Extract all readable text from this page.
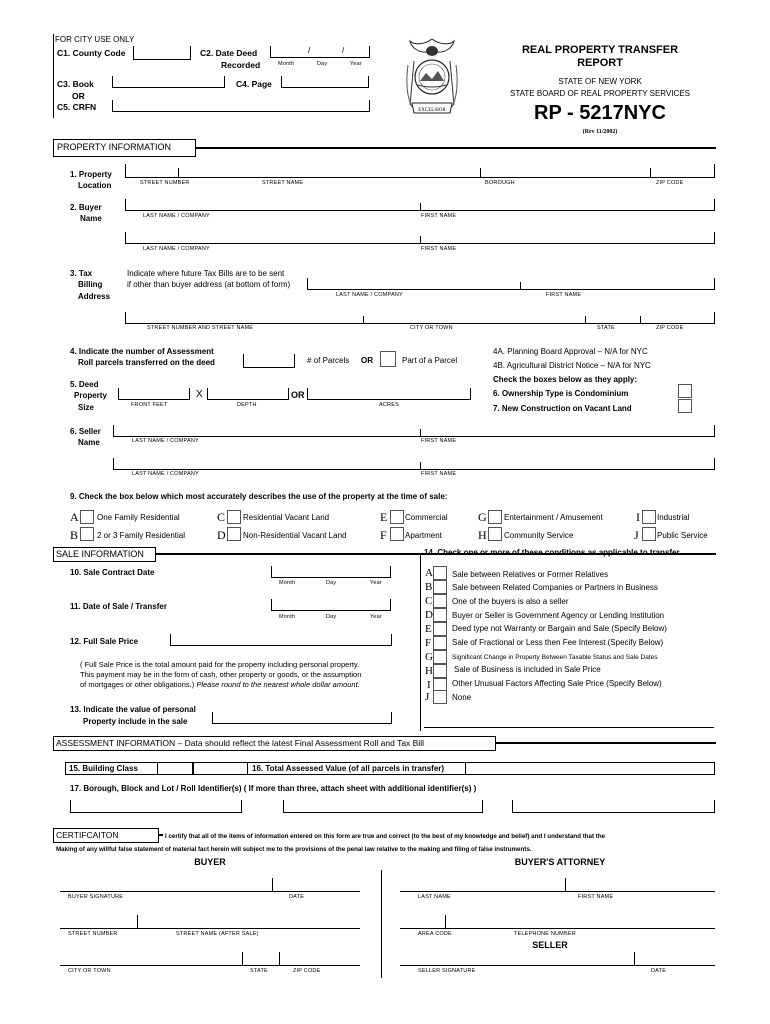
FOR CITY USE ONLY
C1. County Code	C2. Date Deed
Recorded
/	/
Month	Day	Year
C3. Book
OR
C4. Page
C5. CRFN	EXCELSIOR
REAL PROPERTY TRANSFER
REPORT
STATE OF NEW YORK
STATE BOARD OF REAL PROPERTY SERVICES
RP - 5217NYC
(Rev 11/2002)
PROPERTY INFORMATION
1. Property
Location	STREET NUMBER	STREET NAME	BOROUGH	ZIP CODE
2. Buyer
Name	LAST NAME / COMPANY	FIRST NAME
LAST NAME / COMPANY	FIRST NAME
3. Tax
Billing
Address
Indicate where future Tax Bills are to be sent
if other than buyer address (at bottom of form)
LAST NAME / COMPANY	FIRST NAME
STREET NUMBER AND STREET NAME	CITY OR TOWN	STATE	ZIP CODE
4. Indicate the number of Assessment
Roll parcels transferred on the deed	# of Parcels OR	Part of a Parcel
4A. Planning Board Approval – N/A for NYC
4B. Agricultural District Notice – N/A for NYC
Check the boxes below as they apply:
6. Ownership Type is Condominium
7. New Construction on Vacant Land
5. Deed
Property
Size
X	OR
FRONT FEET	DEPTH	ACRES
6. Seller
Name	LAST NAME / COMPANY	FIRST NAME
LAST NAME / COMPANY	FIRST NAME
9. Check the box below which most accurately describes the use of the property at the time of sale:
A One Family Residential
B 2 or 3 Family Residential
C Residential Vacant Land
D Non-Residential Vacant Land
E Commercial
F Apartment
G Entertainment / Amusement
H Community Service
I Industrial
J Public Service
SALE INFORMATION	14. Check one or more of these conditions as applicable to transfer
10. Sale Contract Date
Month	Day	Year
11. Date of Sale / Transfer
Month	Day	Year
12. Full Sale Price
( Full Sale Price is the total amount paid for the property including personal property.
This payment may be in the form of cash, other property or goods, or the assumption
of mortgages or other obligations.) Please round to the nearest whole dollar amount.
13. Indicate the value of personal
Property include in the sale
A Sale between Relatives or Former Relatives
B Sale between Related Companies or Partners in Business
C One of the buyers is also a seller
D Buyer or Seller is Government Agency or Lending Institution
E	Deed type not Warranty or Bargain and Sale (Specify Below)
F	Sale of Fractional or Less then Fee Interest (Specify Below)
G	Significant Change in Property Between Taxable Status and Sale Dates
H	Sale of Business is included in Sale Price
I	Other Unusual Factors Affecting Sale Price (Specify Below)
J	None
ASSESSMENT INFORMATION – Data should reflect the latest Final Assessment Roll and Tax Bill
15. Building Class	16. Total Assessed Value (of all parcels in transfer)
17. Borough, Block and Lot / Roll Identifier(s) ( If more than three, attach sheet with additional identifier(s) )
CERTIFCAITON	I certify that all of the items of information entered on this form are true and correct (to the best of my knowledge and belief) and I understand that the
Making of any willful false statement of material fact herein will subject me to the provisions of the penal law relative to the making and filing of false instruments.
BUYER	BUYER'S ATTORNEY
BUYER SIGNATURE	DATE	LAST NAME	FIRST NAME
STREET NUMBER	STREET NAME (AFTER SALE)	AREA CODE	TELEPHONE NUMBER
SELLER
CITY OR TOWN	STATE	ZIP CODE	SELLER SIGNATURE	DATE
